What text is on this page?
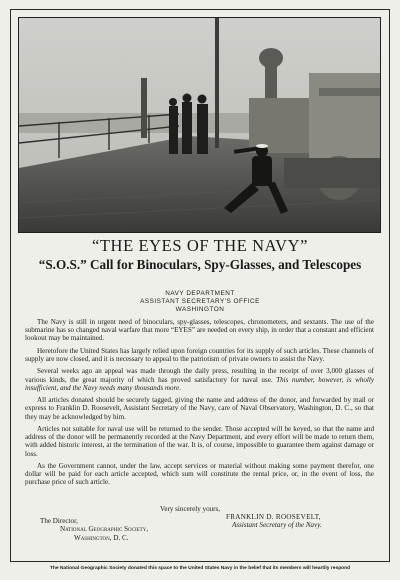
“THE EYES OF THE NAVY”
“S.O.S.” Call for Binoculars, Spy-Glasses, and Telescopes
NAVY DEPARTMENT
ASSISTANT SECRETARY'S OFFICE
WASHINGTON

The Navy is still in urgent need of binoculars, spy-glasses, telescopes, chronometers, and sextants. The use of the submarine has so changed naval warfare that more “EYES” are needed on every ship, in order that a constant and efficient lookout may be maintained.

Heretofore the United States has largely relied upon foreign countries for its supply of such articles. These channels of supply are now closed, and it is necessary to appeal to the patriotism of private owners to assist the Navy.

Several weeks ago an appeal was made through the daily press, resulting in the receipt of over 3,000 glasses of various kinds, the great majority of which has proved satisfactory for naval use. This number, however, is wholly insufficient, and the Navy needs many thousands more.

All articles donated should be securely tagged, giving the name and address of the donor, and forwarded by mail or express to Franklin D. Roosevelt, Assistant Secretary of the Navy, care of Naval Observatory, Washington, D. C., so that they may be acknowledged by him.

Articles not suitable for naval use will be returned to the sender. Those accepted will be keyed, so that the name and address of the donor will be permanently recorded at the Navy Department, and every effort will be made to return them, with added historic interest, at the termination of the war. It is, of course, impossible to guarantee them against damage or loss.

As the Government cannot, under the law, accept services or material without making some payment therefor, one dollar will be paid for each article accepted, which sum will constitute the rental price, or, in the event of loss, the purchase price of such article.

Very sincerely yours,
The Director,
National Geographic Society,
Washington, D. C.
FRANKLIN D. ROOSEVELT,
Assistant Secretary of the Navy.
The National Geographic Society donated this space to the United States Navy in the belief that its members will heartily respond
